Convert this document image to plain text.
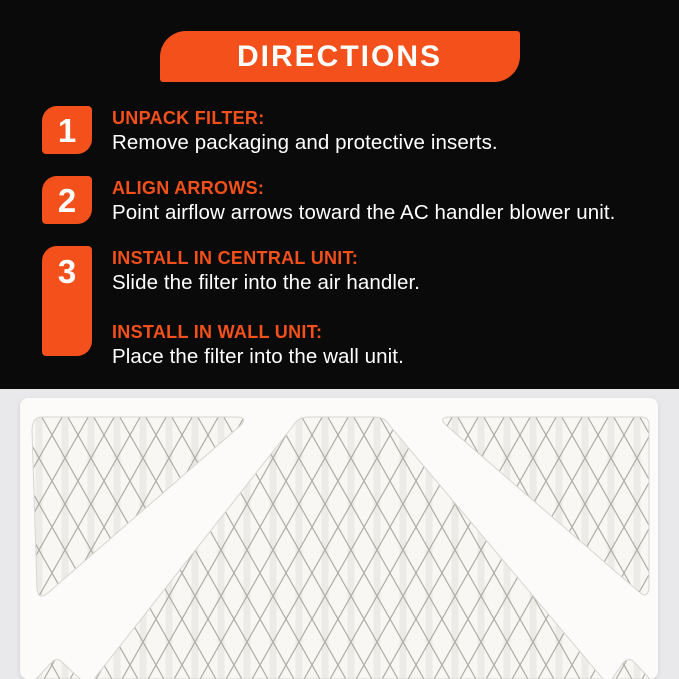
DIRECTIONS
1	UNPACK FILTER:
Remove packaging and protective inserts.
2	ALIGN ARROWS:
Point airflow arrows toward the AC handler blower unit.
3	INSTALL IN CENTRAL UNIT:
Slide the filter into the air handler.
INSTALL IN WALL UNIT:
Place the filter into the wall unit.
